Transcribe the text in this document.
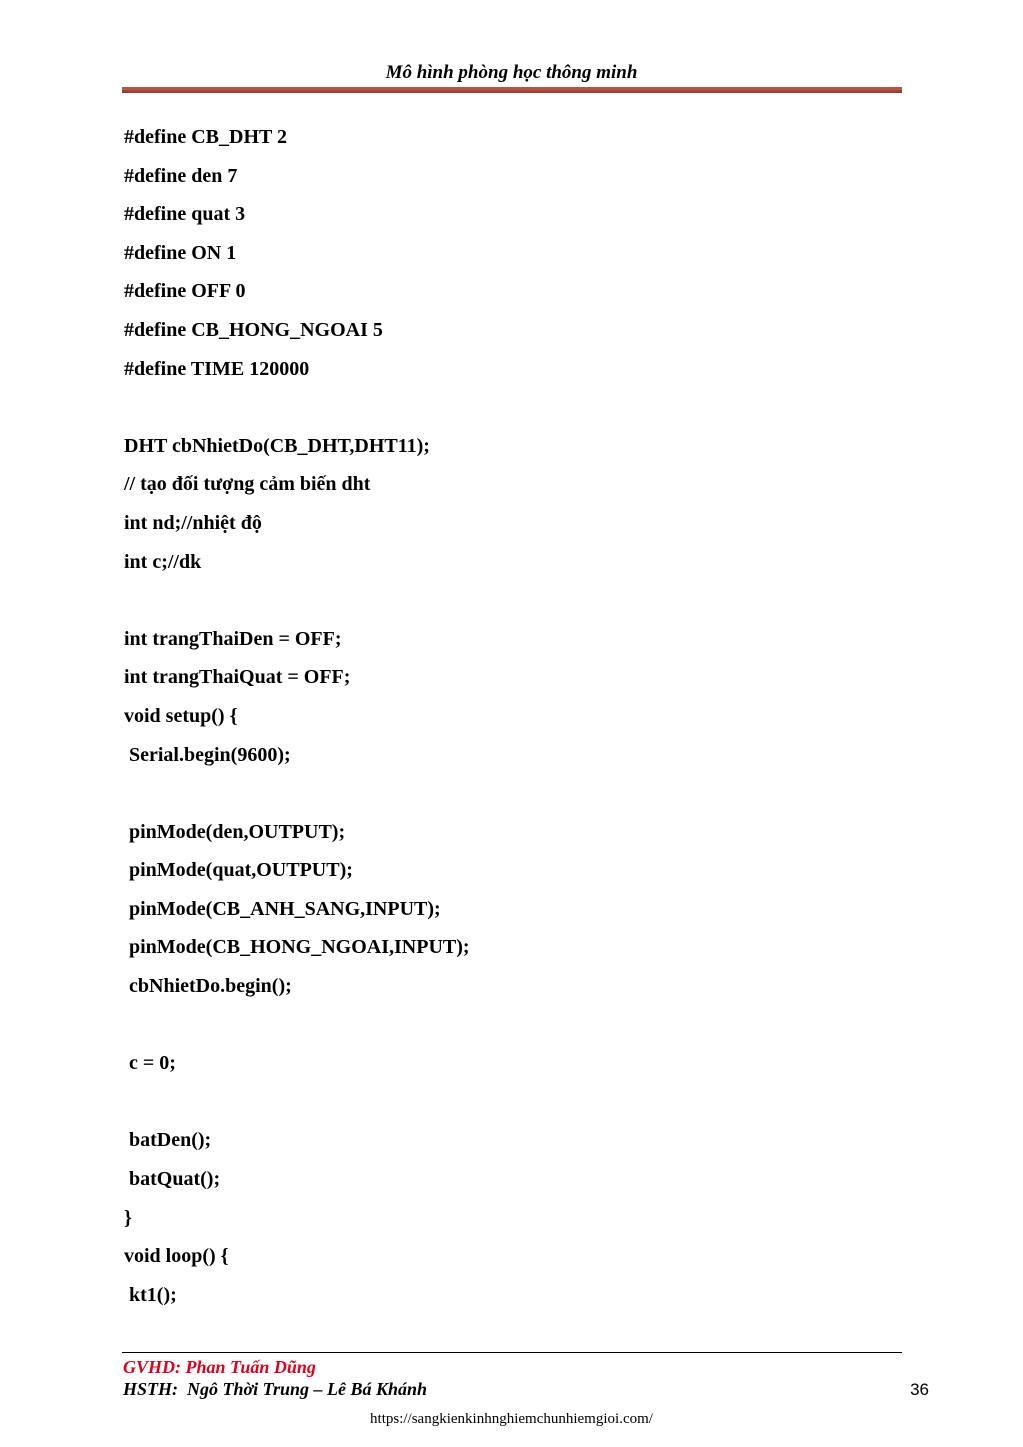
Mô hình phòng học thông minh
#define CB_DHT 2
#define den 7
#define quat 3
#define ON 1
#define OFF 0
#define CB_HONG_NGOAI 5
#define TIME 120000
DHT cbNhietDo(CB_DHT,DHT11);
// tạo đối tượng cảm biến dht
int nd;//nhiệt độ
int c;//dk
int trangThaiDen = OFF;
int trangThaiQuat = OFF;
void setup() {
Serial.begin(9600);
pinMode(den,OUTPUT);
pinMode(quat,OUTPUT);
pinMode(CB_ANH_SANG,INPUT);
pinMode(CB_HONG_NGOAI,INPUT);
cbNhietDo.begin();
c = 0;
batDen();
batQuat();
}
void loop() {
kt1();
GVHD: Phan Tuấn Dũng
HSTH:  Ngô Thời Trung – Lê Bá Khánh	36
https://sangkienkinhnghiemchunhiemgioi.com/
